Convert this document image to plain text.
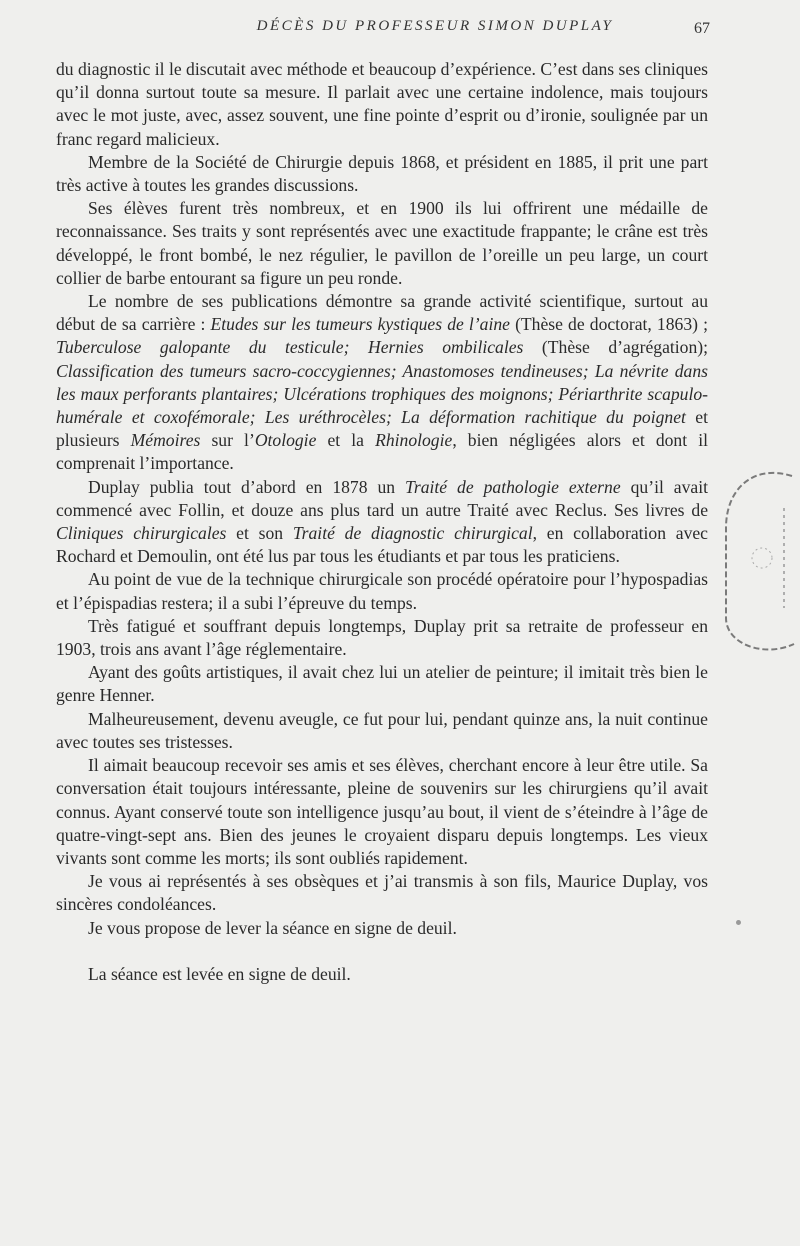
DÉCÈS DU PROFESSEUR SIMON DUPLAY	67

du diagnostic il le discutait avec méthode et beaucoup d’expérience. C’est dans ses cliniques qu’il donna surtout toute sa mesure. Il parlait avec une certaine indolence, mais toujours avec le mot juste, avec, assez souvent, une fine pointe d’esprit ou d’ironie, soulignée par un franc regard malicieux.

Membre de la Société de Chirurgie depuis 1868, et président en 1885, il prit une part très active à toutes les grandes discussions.

Ses élèves furent très nombreux, et en 1900 ils lui offrirent une médaille de reconnaissance. Ses traits y sont représentés avec une exactitude frappante; le crâne est très développé, le front bombé, le nez régulier, le pavillon de l’oreille un peu large, un court collier de barbe entourant sa figure un peu ronde.

Le nombre de ses publications démontre sa grande activité scientifique, surtout au début de sa carrière : Etudes sur les tumeurs kystiques de l’aine (Thèse de doctorat, 1863) ; Tuberculose galopante du testicule; Hernies ombilicales (Thèse d’agrégation); Classification des tumeurs sacro-coccygiennes; Anastomoses tendineuses; La névrite dans les maux perforants plantaires; Ulcérations trophiques des moignons; Périarthrite scapulo-humérale et coxofémorale; Les uréthrocèles; La déformation rachitique du poignet et plusieurs Mémoires sur l’Otologie et la Rhinologie, bien négligées alors et dont il comprenait l’importance.

Duplay publia tout d’abord en 1878 un Traité de pathologie externe qu’il avait commencé avec Follin, et douze ans plus tard un autre Traité avec Reclus. Ses livres de Cliniques chirurgicales et son Traité de diagnostic chirurgical, en collaboration avec Rochard et Demoulin, ont été lus par tous les étudiants et par tous les praticiens.

Au point de vue de la technique chirurgicale son procédé opératoire pour l’hypospadias et l’épispadias restera; il a subi l’épreuve du temps.

Très fatigué et souffrant depuis longtemps, Duplay prit sa retraite de professeur en 1903, trois ans avant l’âge réglementaire.

Ayant des goûts artistiques, il avait chez lui un atelier de peinture; il imitait très bien le genre Henner.

Malheureusement, devenu aveugle, ce fut pour lui, pendant quinze ans, la nuit continue avec toutes ses tristesses.

Il aimait beaucoup recevoir ses amis et ses élèves, cherchant encore à leur être utile. Sa conversation était toujours intéressante, pleine de souvenirs sur les chirurgiens qu’il avait connus. Ayant conservé toute son intelligence jusqu’au bout, il vient de s’éteindre à l’âge de quatre-vingt-sept ans. Bien des jeunes le croyaient disparu depuis longtemps. Les vieux vivants sont comme les morts; ils sont oubliés rapidement.

Je vous ai représentés à ses obsèques et j’ai transmis à son fils, Maurice Duplay, vos sincères condoléances.

Je vous propose de lever la séance en signe de deuil.

La séance est levée en signe de deuil.
